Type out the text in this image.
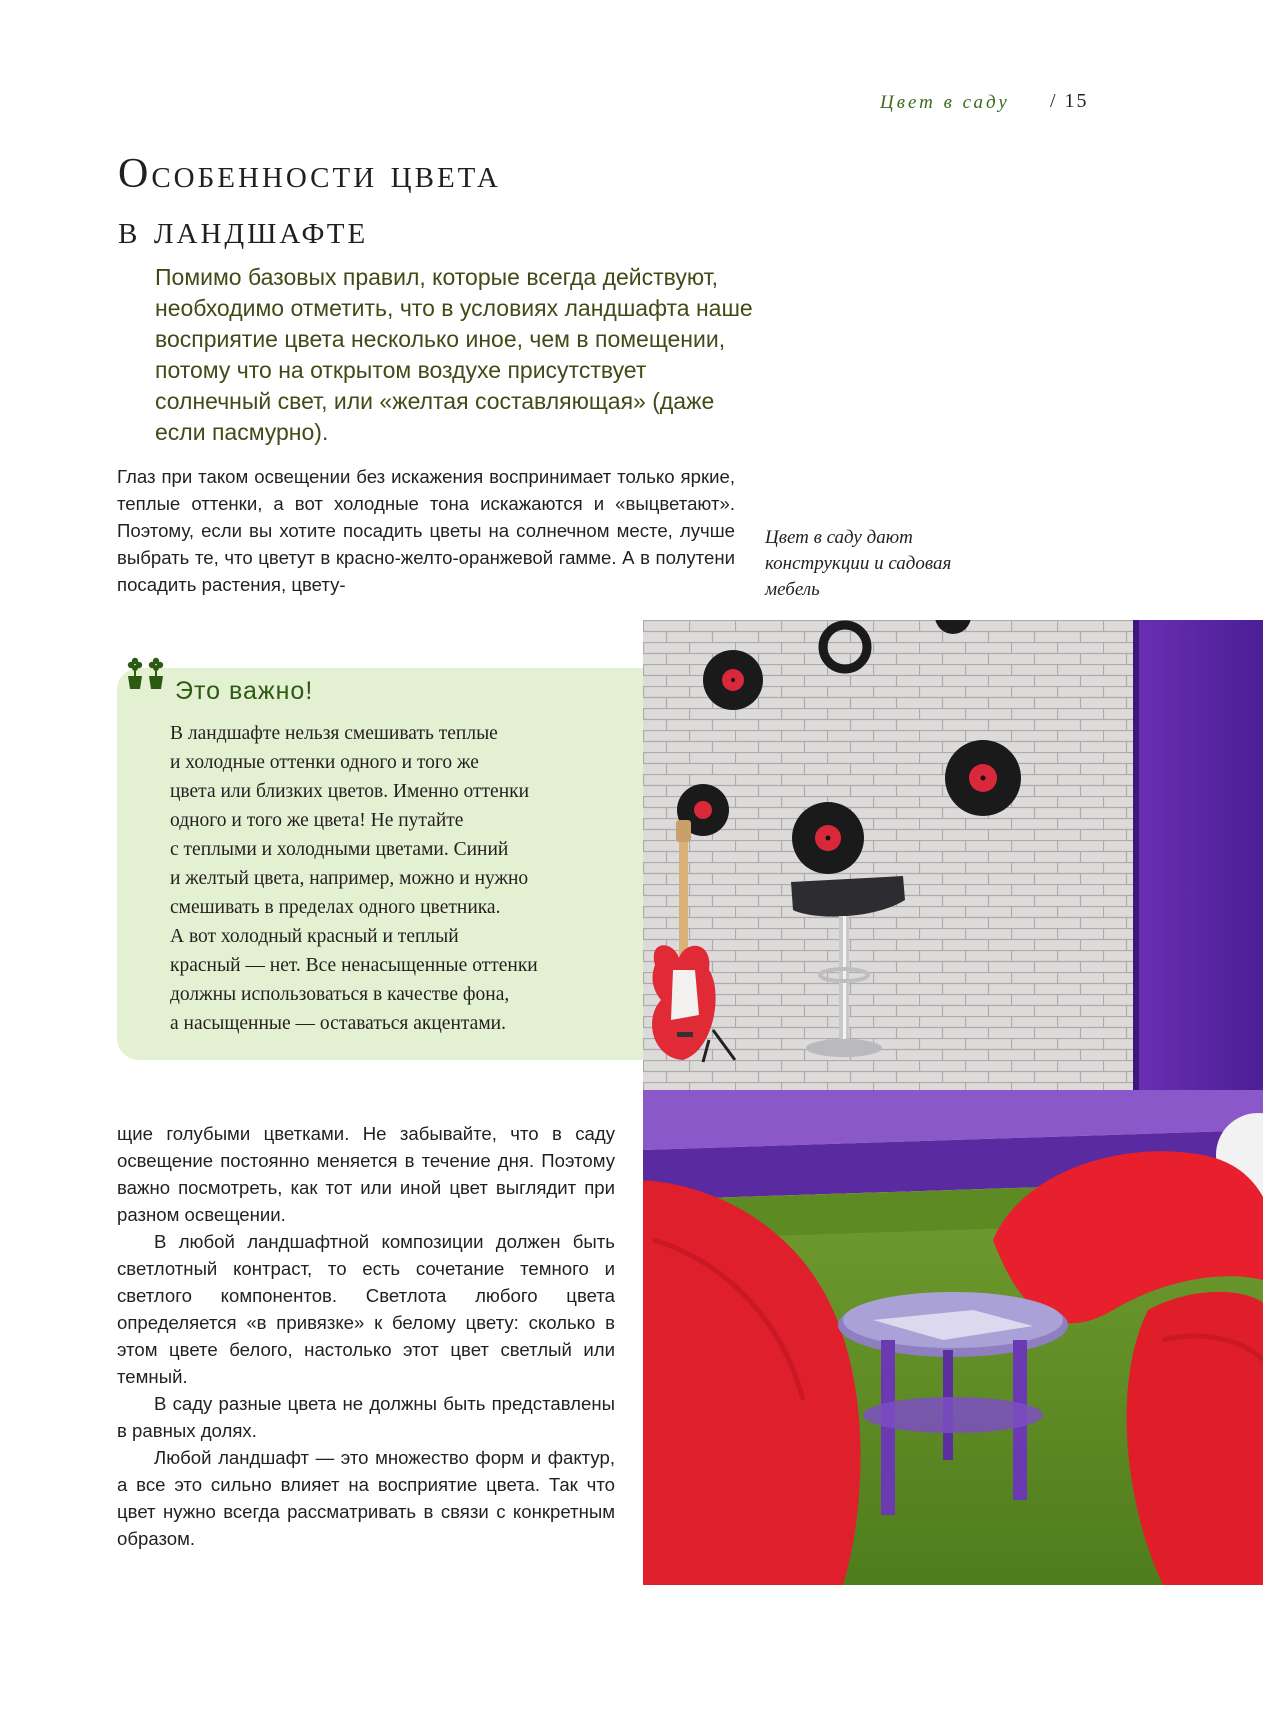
Цвет в саду / 15
Особенности цвета
в ландшафте
Помимо базовых правил, которые всегда действуют, необходимо отметить, что в условиях ландшафта наше восприятие цвета несколько иное, чем в помещении, потому что на открытом воздухе присутствует солнечный свет, или «желтая составляющая» (даже если пасмурно).

Глаз при таком освещении без искажения воспринимает только яркие, теплые оттенки, а вот холодные тона искажаются и «выцветают». Поэтому, если вы хотите посадить цветы на солнечном месте, лучше выбрать те, что цветут в красно-желто-оранжевой гамме. А в полутени посадить растения, цвету-

Цвет в саду дают конструкции и садовая мебель
Это важно!
В ландшафте нельзя смешивать теплые
и холодные оттенки одного и того же
цвета или близких цветов. Именно оттенки
одного и того же цвета! Не путайте
с теплыми и холодными цветами. Синий
и желтый цвета, например, можно и нужно
смешивать в пределах одного цветника.
А вот холодный красный и теплый
красный — нет. Все ненасыщенные оттенки
должны использоваться в качестве фона,
а насыщенные — оставаться акцентами.

щие голубыми цветками. Не забывайте, что в саду освещение постоянно меняется в течение дня. Поэтому важно посмотреть, как тот или иной цвет выглядит при разном освещении.

В любой ландшафтной композиции должен быть светлотный контраст, то есть сочетание темного и светлого компонентов. Светлота любого цвета определяется «в привязке» к белому цвету: сколько в этом цвете белого, настолько этот цвет светлый или темный.

В саду разные цвета не должны быть представлены в равных долях.

Любой ландшафт — это множество форм и фактур, а все это сильно влияет на восприятие цвета. Так что цвет нужно всегда рассматривать в связи с конкретным образом.
